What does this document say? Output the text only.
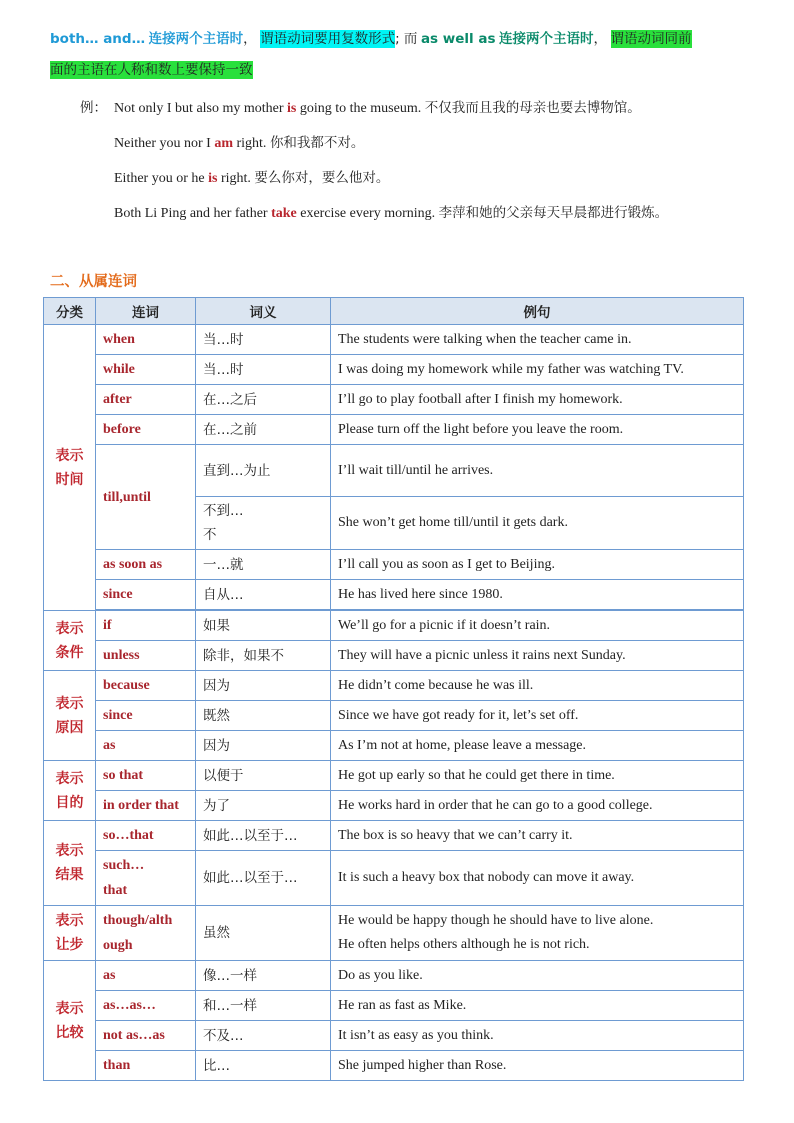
both… and… 连接两个主语时， 谓语动词要用复数形式; 而 as well as 连接两个主语时， 谓语动词同前
面的主语在人称和数上要保持一致
例： Not only I but also my mother is going to the museum. 不仅我而且我的母亲也要去博物馆。
Neither you nor I am right. 你和我都不对。
Either you or he is right. 要么你对，要么他对。
Both Li Ping and her father take exercise every morning. 李萍和她的父亲每天早晨都进行锻炼。
二、从属连词
分类	连词	词义	例句
表示时间	when	当…时	The students were talking when the teacher came in.
	while	当…时	I was doing my homework while my father was watching TV.
	after	在…之后	I’ll go to play football after I finish my homework.
	before	在…之前	Please turn off the light before you leave the room.
	till,until	直到…为止	I’ll wait till/until he arrives.

		不到…
不	She won’t get home till/until it gets dark.
	as soon as	一…就	I’ll call you as soon as I get to Beijing.
	since	自从…	He has lived here since 1980.

表示条件	if	如果	We’ll go for a picnic if it doesn’t rain.
	unless	除非，如果不	They will have a picnic unless it rains next Sunday.
表示原因	because	因为	He didn’t come because he was ill.
	since	既然	Since we have got ready for it, let’s set off.
	as	因为	As I’m not at home, please leave a message.
表示目的	so that	以便于	He got up early so that he could get there in time.
	in order that	为了	He works hard in order that he can go to a good college.
表示结果	so…that	如此…以至于…	The box is so heavy that we can’t carry it.
	such…that	如此…以至于…	It is such a heavy box that nobody can move it away.
表示让步	though/although	虽然	He would be happy though he should have to live alone.
He often helps others although he is not rich.

表示比较	as	像…一样	Do as you like.
	as…as…	和…一样	He ran as fast as Mike.
	not as…as	不及…	It isn’t as easy as you think.
	than	比…	She jumped higher than Rose.
